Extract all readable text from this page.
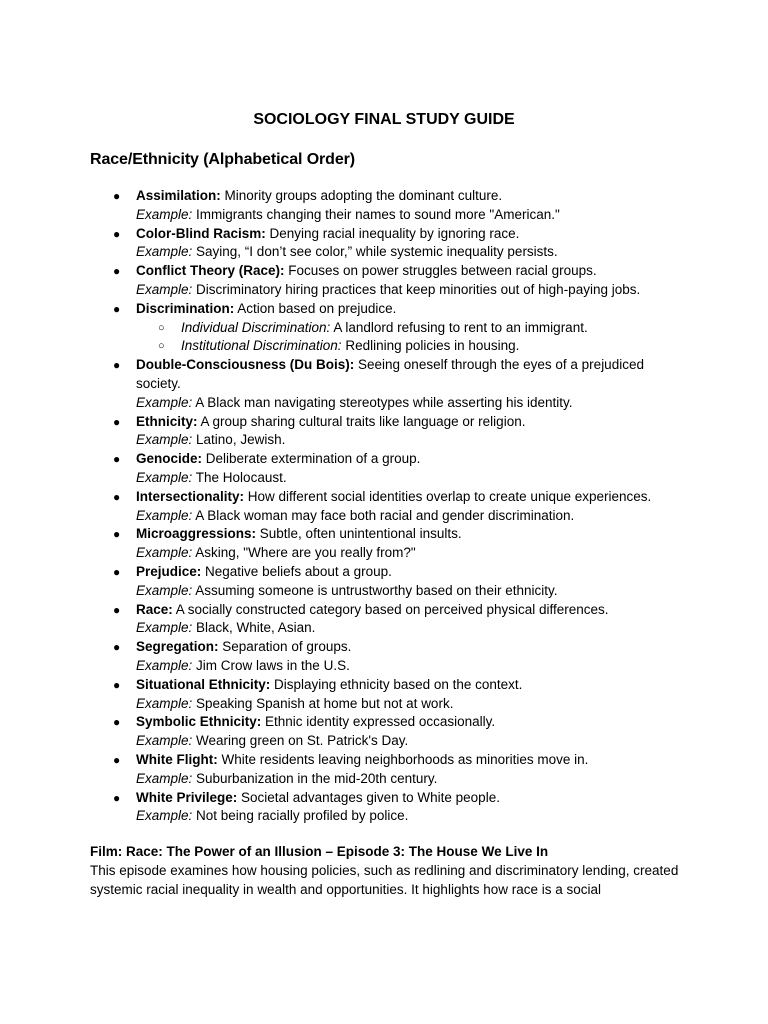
SOCIOLOGY FINAL STUDY GUIDE
Race/Ethnicity (Alphabetical Order)
● Assimilation: Minority groups adopting the dominant culture.
Example: Immigrants changing their names to sound more "American."
● Color-Blind Racism: Denying racial inequality by ignoring race.
Example: Saying, “I don’t see color,” while systemic inequality persists.
● Conflict Theory (Race): Focuses on power struggles between racial groups.
Example: Discriminatory hiring practices that keep minorities out of high-paying jobs.
● Discrimination: Action based on prejudice.
○ Individual Discrimination: A landlord refusing to rent to an immigrant.
○ Institutional Discrimination: Redlining policies in housing.
● Double-Consciousness (Du Bois): Seeing oneself through the eyes of a prejudiced society.
Example: A Black man navigating stereotypes while asserting his identity.
● Ethnicity: A group sharing cultural traits like language or religion.
Example: Latino, Jewish.
● Genocide: Deliberate extermination of a group.
Example: The Holocaust.
● Intersectionality: How different social identities overlap to create unique experiences.
Example: A Black woman may face both racial and gender discrimination.
● Microaggressions: Subtle, often unintentional insults.
Example: Asking, "Where are you really from?"
● Prejudice: Negative beliefs about a group.
Example: Assuming someone is untrustworthy based on their ethnicity.
● Race: A socially constructed category based on perceived physical differences.
Example: Black, White, Asian.
● Segregation: Separation of groups.
Example: Jim Crow laws in the U.S.
● Situational Ethnicity: Displaying ethnicity based on the context.
Example: Speaking Spanish at home but not at work.
● Symbolic Ethnicity: Ethnic identity expressed occasionally.
Example: Wearing green on St. Patrick's Day.
● White Flight: White residents leaving neighborhoods as minorities move in.
Example: Suburbanization in the mid-20th century.
● White Privilege: Societal advantages given to White people.
Example: Not being racially profiled by police.
Film: Race: The Power of an Illusion – Episode 3: The House We Live In
This episode examines how housing policies, such as redlining and discriminatory lending, created systemic racial inequality in wealth and opportunities. It highlights how race is a social
